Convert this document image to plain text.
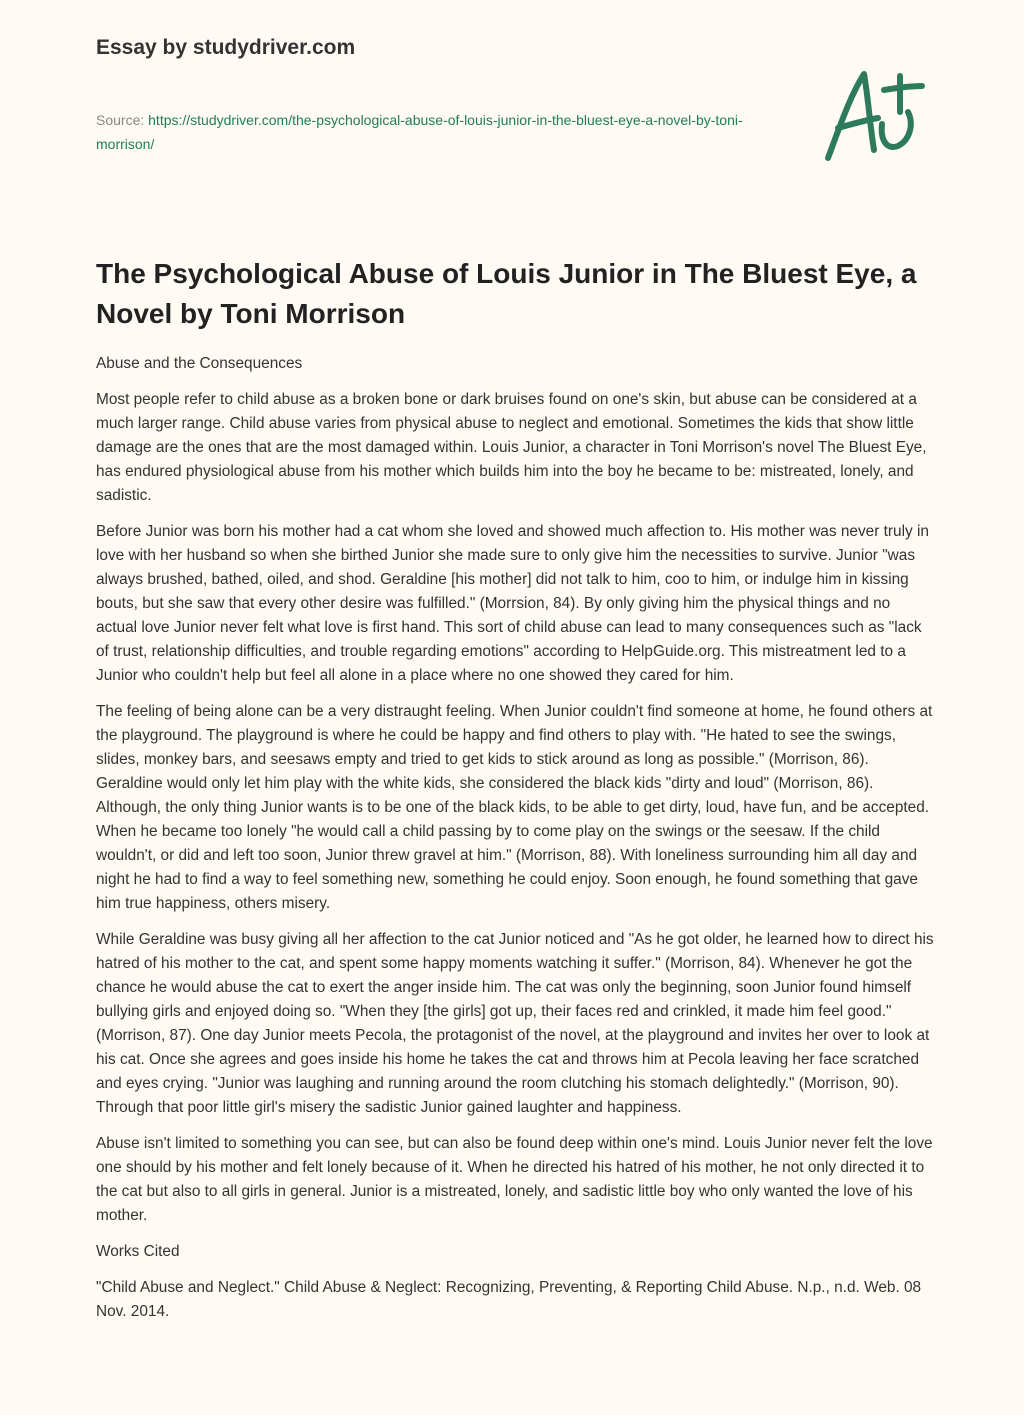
Essay by studydriver.com
Source: https://studydriver.com/the-psychological-abuse-of-louis-junior-in-the-bluest-eye-a-novel-by-toni-morrison/
The Psychological Abuse of Louis Junior in The Bluest Eye, a Novel by Toni Morrison

Abuse and the Consequences

Most people refer to child abuse as a broken bone or dark bruises found on one's skin, but abuse can be considered at a much larger range. Child abuse varies from physical abuse to neglect and emotional. Sometimes the kids that show little damage are the ones that are the most damaged within. Louis Junior, a character in Toni Morrison's novel The Bluest Eye, has endured physiological abuse from his mother which builds him into the boy he became to be: mistreated, lonely, and sadistic.

Before Junior was born his mother had a cat whom she loved and showed much affection to. His mother was never truly in love with her husband so when she birthed Junior she made sure to only give him the necessities to survive. Junior "was always brushed, bathed, oiled, and shod. Geraldine [his mother] did not talk to him, coo to him, or indulge him in kissing bouts, but she saw that every other desire was fulfilled." (Morrsion, 84). By only giving him the physical things and no actual love Junior never felt what love is first hand. This sort of child abuse can lead to many consequences such as "lack of trust, relationship difficulties, and trouble regarding emotions" according to HelpGuide.org. This mistreatment led to a Junior who couldn't help but feel all alone in a place where no one showed they cared for him.

The feeling of being alone can be a very distraught feeling. When Junior couldn't find someone at home, he found others at the playground. The playground is where he could be happy and find others to play with. "He hated to see the swings, slides, monkey bars, and seesaws empty and tried to get kids to stick around as long as possible." (Morrison, 86). Geraldine would only let him play with the white kids, she considered the black kids "dirty and loud" (Morrison, 86). Although, the only thing Junior wants is to be one of the black kids, to be able to get dirty, loud, have fun, and be accepted. When he became too lonely "he would call a child passing by to come play on the swings or the seesaw. If the child wouldn't, or did and left too soon, Junior threw gravel at him." (Morrison, 88). With loneliness surrounding him all day and night he had to find a way to feel something new, something he could enjoy. Soon enough, he found something that gave him true happiness, others misery.

While Geraldine was busy giving all her affection to the cat Junior noticed and "As he got older, he learned how to direct his hatred of his mother to the cat, and spent some happy moments watching it suffer." (Morrison, 84). Whenever he got the chance he would abuse the cat to exert the anger inside him. The cat was only the beginning, soon Junior found himself bullying girls and enjoyed doing so. "When they [the girls] got up, their faces red and crinkled, it made him feel good." (Morrison, 87). One day Junior meets Pecola, the protagonist of the novel, at the playground and invites her over to look at his cat. Once she agrees and goes inside his home he takes the cat and throws him at Pecola leaving her face scratched and eyes crying. "Junior was laughing and running around the room clutching his stomach delightedly." (Morrison, 90). Through that poor little girl's misery the sadistic Junior gained laughter and happiness.

Abuse isn't limited to something you can see, but can also be found deep within one's mind. Louis Junior never felt the love one should by his mother and felt lonely because of it. When he directed his hatred of his mother, he not only directed it to the cat but also to all girls in general. Junior is a mistreated, lonely, and sadistic little boy who only wanted the love of his mother.

Works Cited

"Child Abuse and Neglect." Child Abuse & Neglect: Recognizing, Preventing, & Reporting Child Abuse. N.p., n.d. Web. 08 Nov. 2014.
